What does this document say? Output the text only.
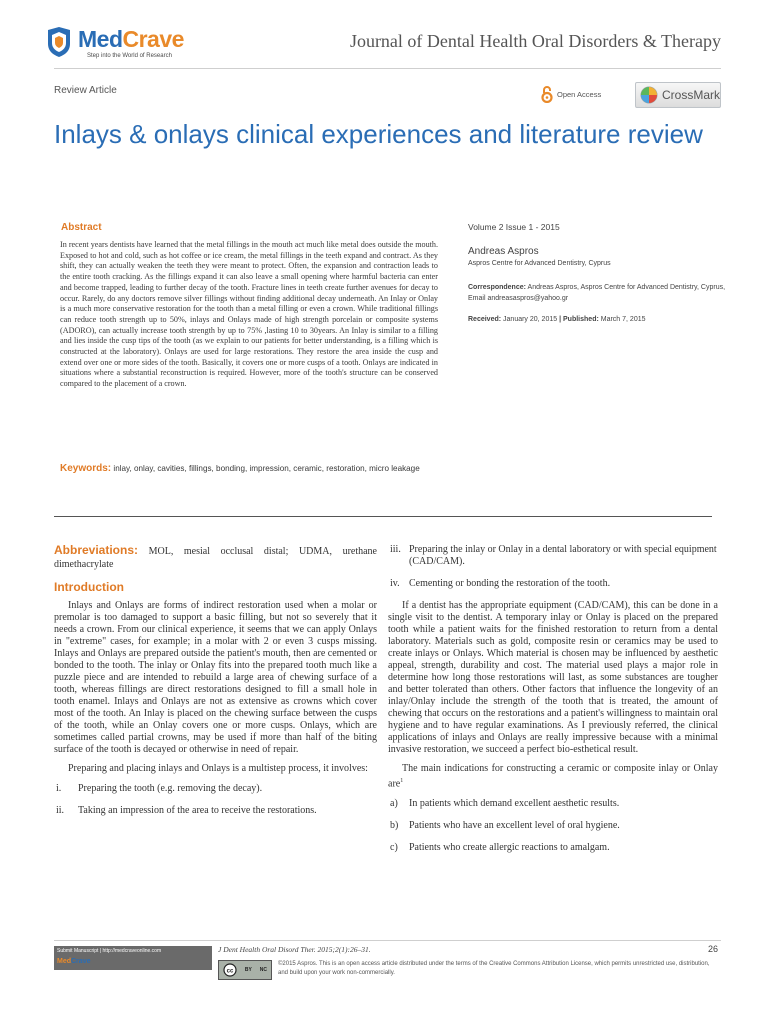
MedCrave
Step into the World of Research
Journal of Dental Health Oral Disorders & Therapy
Review Article	Open Access	CrossMark
Inlays & onlays clinical experiences and literature review
Abstract

In recent years dentists have learned that the metal fillings in the mouth act much like metal does outside the mouth. Exposed to hot and cold, such as hot coffee or ice cream, the metal fillings in the teeth expand and contract. As they shift, they can actually weaken the teeth they were meant to protect. Often, the expansion and contraction leads to the entire tooth cracking. As the fillings expand it can also leave a small opening where harmful bacteria can enter and become trapped, leading to further decay of the tooth. Fracture lines in teeth create further avenues for decay to occur. Rarely, do any doctors remove silver fillings without finding additional decay underneath. An Inlay or Onlay is a much more conservative restoration for the tooth than a metal filling or even a crown. While traditional fillings can reduce tooth strength up to 50%, inlays and Onlays made of high strength porcelain or composite systems (ADORO), can actually increase tooth strength by up to 75% ,lasting 10 to 30years. An Inlay is similar to a filling and lies inside the cusp tips of the tooth (as we explain to our patients for better understanding, is a filling which is constructed at the laboratory). Onlays are used for large restorations. They restore the area inside the cusp and extend over one or more sides of the tooth. Basically, it covers one or more cusps of a tooth. Onlays are indicated in situations where a substantial reconstruction is required. However, more of the tooth's structure can be conserved compared to the placement of a crown.

Keywords: inlay, onlay, cavities, fillings, bonding, impression, ceramic, restoration, micro leakage
Volume 2 Issue 1 - 2015
Andreas Aspros
Aspros Centre for Advanced Dentistry, Cyprus
Correspondence: Andreas Aspros, Aspros Centre for Advanced Dentistry, Cyprus, Email andreasaspros@yahoo.gr
Received: January 20, 2015 | Published: March 7, 2015

Abbreviations: MOL, mesial occlusal distal; UDMA, urethane dimethacrylate

Introduction

Inlays and Onlays are forms of indirect restoration used when a molar or premolar is too damaged to support a basic filling, but not so severely that it needs a crown. From our clinical experience, it seems that we can apply Onlays in "extreme" cases, for example; in a molar with 2 or even 3 cusps missing. Inlays and Onlays are prepared outside the patient's mouth, then are cemented or bonded to the tooth. The inlay or Onlay fits into the prepared tooth much like a puzzle piece and are intended to rebuild a large area of chewing surface of a tooth, whereas fillings are direct restorations designed to fill a small hole in tooth enamel. Inlays and Onlays are not as extensive as crowns which cover most of the tooth. An Inlay is placed on the chewing surface between the cusps of the tooth, while an Onlay covers one or more cusps. Onlays, which are sometimes called partial crowns, may be used if more than half of the biting surface of the tooth is decayed or otherwise in need of repair.

Preparing and placing inlays and Onlays is a multistep process, it involves:

i.	Preparing the tooth (e.g. removing the decay).
ii.	Taking an impression of the area to receive the restorations.
iii. Preparing the inlay or Onlay in a dental laboratory or with special equipment (CAD/CAM).
iv. Cementing or bonding the restoration of the tooth.

If a dentist has the appropriate equipment (CAD/CAM), this can be done in a single visit to the dentist. A temporary inlay or Onlay is placed on the prepared tooth while a patient waits for the finished restoration to return from a dental laboratory. Materials such as gold, composite resin or ceramics may be used to create inlays or Onlays. Which material is chosen may be influenced by aesthetic appeal, strength, durability and cost. The material used plays a major role in determine how long those restorations will last, as some substances are tougher and better tolerated than others. Other factors that influence the longevity of an inlay/Onlay include the strength of the tooth that is treated, the amount of chewing that occurs on the restorations and a patient's willingness to maintain oral hygiene and to have regular examinations. As I previously referred, the clinical applications of inlays and Onlays are really impressive because with a minimal invasive restoration, we succeed a perfect bio-esthetical result.

The main indications for constructing a ceramic or composite inlay or Onlay are$^1$

a)	In patients which demand excellent aesthetic results.
b)	Patients who have an excellent level of oral hygiene.
c)	Patients who create allergic reactions to amalgam.
Submit Manuscript | http://medcraveonline.com
MedCrave
J Dent Health Oral Disord Ther. 2015;2(1):26–31.	26
cc BY NC

©2015 Aspros. This is an open access article distributed under the terms of the Creative Commons Attribution License, which permits unrestricted use, distribution, and build upon your work non-commercially.
